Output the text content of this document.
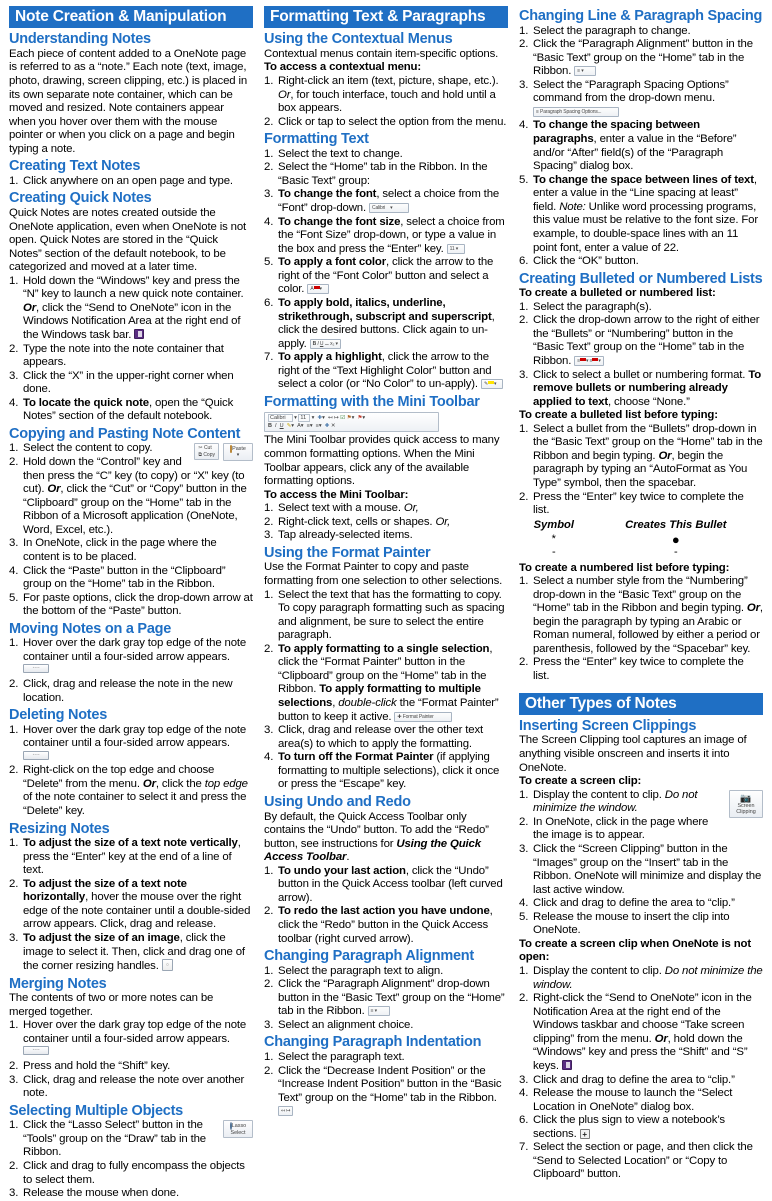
Note Creation & Manipulation
Understanding Notes

Each piece of content added to a OneNote page is referred to as a “note.” Each note (text, image, photo, drawing, screen clipping, etc.) is placed in its own separate note container, which can be moved and resized. Note containers appear when you hover over them with the mouse pointer or when you click on a page and begin typing a note.

Creating Text Notes
Click anywhere on an open page and type.
Creating Quick Notes

Quick Notes are notes created outside the OneNote application, even when OneNote is not open. Quick Notes are stored in the “Quick Notes” section of the default notebook, to be categorized and moved at a later time.

Hold down the “Windows” key and press the “N” key to launch a new quick note container. Or, click the “Send to OneNote” icon in the Windows Notification Area at the right end of the Windows task bar.
Type the note into the note container that appears.
Click the “X” in the upper-right corner when done.
To locate the quick note, open the “Quick Notes” section of the default notebook.
Copying and Pasting Note Content
Paste
▾
✂ Cut
⧉ Copy
Select the content to copy.
Hold down the “Control” key and then press the “C” key (to copy) or “X” key (to cut). Or, click the “Cut” or “Copy” button in the “Clipboard” group on the “Home” tab in the Ribbon of a Microsoft application (OneNote, Word, Excel, etc.).
In OneNote, click in the page where the content is to be placed.
Click the “Paste” button in the “Clipboard” group on the “Home” tab in the Ribbon.
For paste options, click the drop-down arrow at the bottom of the “Paste” button.
Moving Notes on a Page
Hover over the dark gray top edge of the note container until a four-sided arrow appears. ····
Click, drag and release the note in the new location.
Deleting Notes
Hover over the dark gray top edge of the note container until a four-sided arrow appears. ····
Right-click on the top edge and choose “Delete” from the menu. Or, click the top edge of the note container to select it and press the “Delete” key.
Resizing Notes
To adjust the size of a text note vertically, press the “Enter” key at the end of a line of text.
To adjust the size of a text note horizontally, hover the mouse over the right edge of the note container until a double-sided arrow appears. Click, drag and release.
To adjust the size of an image, click the image to select it. Then, click and drag one of the corner resizing handles. ○
Merging Notes

The contents of two or more notes can be merged together.

Hover over the dark gray top edge of the note container until a four-sided arrow appears. ····
Press and hold the “Shift” key.
Click, drag and release the note over another note.
Selecting Multiple Objects
Lasso
Select
Click the “Lasso Select” button in the “Tools” group on the “Draw” tab in the Ribbon.
Click and drag to fully encompass the objects to select them.
Release the mouse when done.
Formatting Text & Paragraphs
Using the Contextual Menus

Contextual menus contain item-specific options. To access a contextual menu:

Right-click an item (text, picture, shape, etc.). Or, for touch interface, touch and hold until a box appears.
Click or tap to select the option from the menu.
Formatting Text
Select the text to change.
Select the “Home” tab in the Ribbon. In the “Basic Text” group:
To change the font, select a choice from the “Font” drop-down. Calibri    ▾
To change the font size, select a choice from the “Font Size” drop-down, or type a value in the box and press the “Enter” key. 11 ▾
To apply a font color, click the arrow to the right of the “Font Color” button and select a color. A ▾
To apply bold, italics, underline, strikethrough, subscript and superscript, click the desired buttons. Click again to un-apply. B I U ⚊ x₂ ▾
To apply a highlight, click the arrow to the right of the “Text Highlight Color” button and select a color (or “No Color” to un-apply). ✎ ▾
Formatting with the Mini Toolbar
Calibri ▾ 11 ▾  ✚▾  ↤ ↦ ☑ ⚑▾  ⚑▾
B I U ✎▾  A▾  ≡▾  ≡▾  ✚ ✕

The Mini Toolbar provides quick access to many common formatting options. When the Mini Toolbar appears, click any of the available formatting options.

To access the Mini Toolbar:

Select text with a mouse. Or,
Right-click text, cells or shapes. Or,
Tap already-selected items.
Using the Format Painter

Use the Format Painter to copy and paste formatting from one selection to other selections.

Select the text that has the formatting to copy. To copy paragraph formatting such as spacing and alignment, be sure to select the entire paragraph.
To apply formatting to a single selection, click the “Format Painter” button in the “Clipboard” group on the “Home” tab in the Ribbon. To apply formatting to multiple selections, double-click the “Format Painter” button to keep it active. ✚ Format Painter
Click, drag and release over the other text area(s) to which to apply the formatting.
To turn off the Format Painter (if applying formatting to multiple selections), click it once or press the “Escape” key.
Using Undo and Redo

By default, the Quick Access Toolbar only contains the “Undo” button. To add the “Redo” button, see instructions for Using the Quick Access Toolbar.

To undo your last action, click the “Undo” button in the Quick Access toolbar (left curved arrow).
To redo the last action you have undone, click the “Redo” button in the Quick Access toolbar (right curved arrow).
Changing Paragraph Alignment
Select the paragraph text to align.
Click the “Paragraph Alignment” drop-down button in the “Basic Text” group on the “Home” tab in the Ribbon. ≡ ▾
Select an alignment choice.
Changing Paragraph Indentation
Select the paragraph text.
Click the “Decrease Indent Position” or the “Increase Indent Position” button in the “Basic Text” group on the “Home” tab in the Ribbon. ↤ ↦
Changing Line & Paragraph Spacing
Select the paragraph to change.
Click the “Paragraph Alignment” button in the “Basic Text” group on the “Home” tab in the Ribbon. ≡ ▾
Select the “Paragraph Spacing Options” command from the drop-down menu. ≡ Paragraph Spacing Options...
To change the spacing between paragraphs, enter a value in the “Before” and/or “After” field(s) of the “Paragraph Spacing” dialog box.
To change the space between lines of text, enter a value in the “Line spacing at least” field. Note: Unlike word processing programs, this value must be relative to the font size. For example, to double-space lines with an 11 point font, enter a value of 22.
Click the “OK” button.
Creating Bulleted or Numbered Lists

To create a bulleted or numbered list:

Select the paragraph(s).
Click the drop-down arrow to the right of either the “Bullets” or “Numbering” button in the “Basic Text” group on the “Home” tab in the Ribbon. ≡ ▾ ≡ ▾
Click to select a bullet or numbering format. To remove bullets or numbering already applied to text, choose “None.”

To create a bulleted list before typing:

Select a bullet from the “Bullets” drop-down in the “Basic Text” group on the “Home” tab in the Ribbon and begin typing. Or, begin the paragraph by typing an “AutoFormat as You Type” symbol, then the spacebar.
Press the “Enter” key twice to complete the list.
Symbol	Creates This Bullet
*	●
-	-

To create a numbered list before typing:

Select a number style from the “Numbering” drop-down in the “Basic Text” group on the “Home” tab in the Ribbon and begin typing. Or, begin the paragraph by typing an Arabic or Roman numeral, followed by either a period or parenthesis, followed by the “Spacebar” key.
Press the “Enter” key twice to complete the list.
Other Types of Notes
Inserting Screen Clippings

The Screen Clipping tool captures an image of anything visible onscreen and inserts it into OneNote.

To create a screen clip:

📷
Screen
Clipping
Display the content to clip. Do not minimize the window.
In OneNote, click in the page where the image is to appear.
Click the “Screen Clipping” button in the “Images” group on the “Insert” tab in the Ribbon. OneNote will minimize and display the last active window.
Click and drag to define the area to “clip.”
Release the mouse to insert the clip into OneNote.

To create a screen clip when OneNote is not open:

Display the content to clip. Do not minimize the window.
Right-click the “Send to OneNote” icon in the Notification Area at the right end of the Windows taskbar and choose “Take screen clipping” from the menu. Or, hold down the “Windows” key and press the “Shift” and “S” keys.
Click and drag to define the area to “clip.”
Release the mouse to launch the “Select Location in OneNote” dialog box.
Click the plus sign to view a notebook’s sections. +
Select the section or page, and then click the “Send to Selected Location” or “Copy to Clipboard” button.
